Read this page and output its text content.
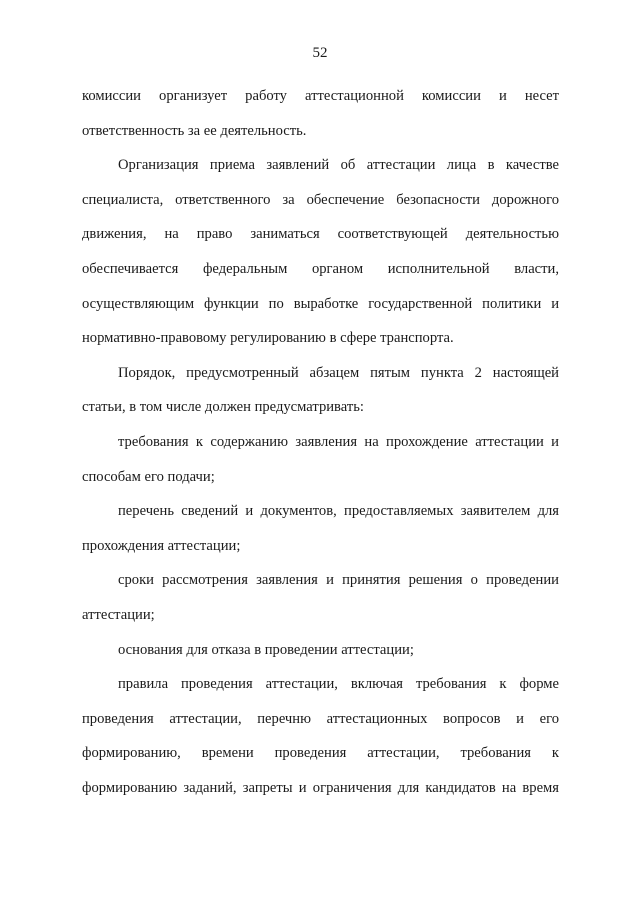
52

комиссии организует работу аттестационной комиссии и несет ответственность за ее деятельность.

Организация приема заявлений об аттестации лица в качестве специалиста, ответственного за обеспечение безопасности дорожного движения, на право заниматься соответствующей деятельностью обеспечивается федеральным органом исполнительной власти, осуществляющим функции по выработке государственной политики и нормативно-правовому регулированию в сфере транспорта.

Порядок, предусмотренный абзацем пятым пункта 2 настоящей статьи, в том числе должен предусматривать:

требования к содержанию заявления на прохождение аттестации и способам его подачи;

перечень сведений и документов, предоставляемых заявителем для прохождения аттестации;

сроки рассмотрения заявления и принятия решения о проведении аттестации;

основания для отказа в проведении аттестации;

правила проведения аттестации, включая требования к форме проведения аттестации, перечню аттестационных вопросов и его формированию, времени проведения аттестации, требования к формированию заданий, запреты и ограничения для кандидатов на время
